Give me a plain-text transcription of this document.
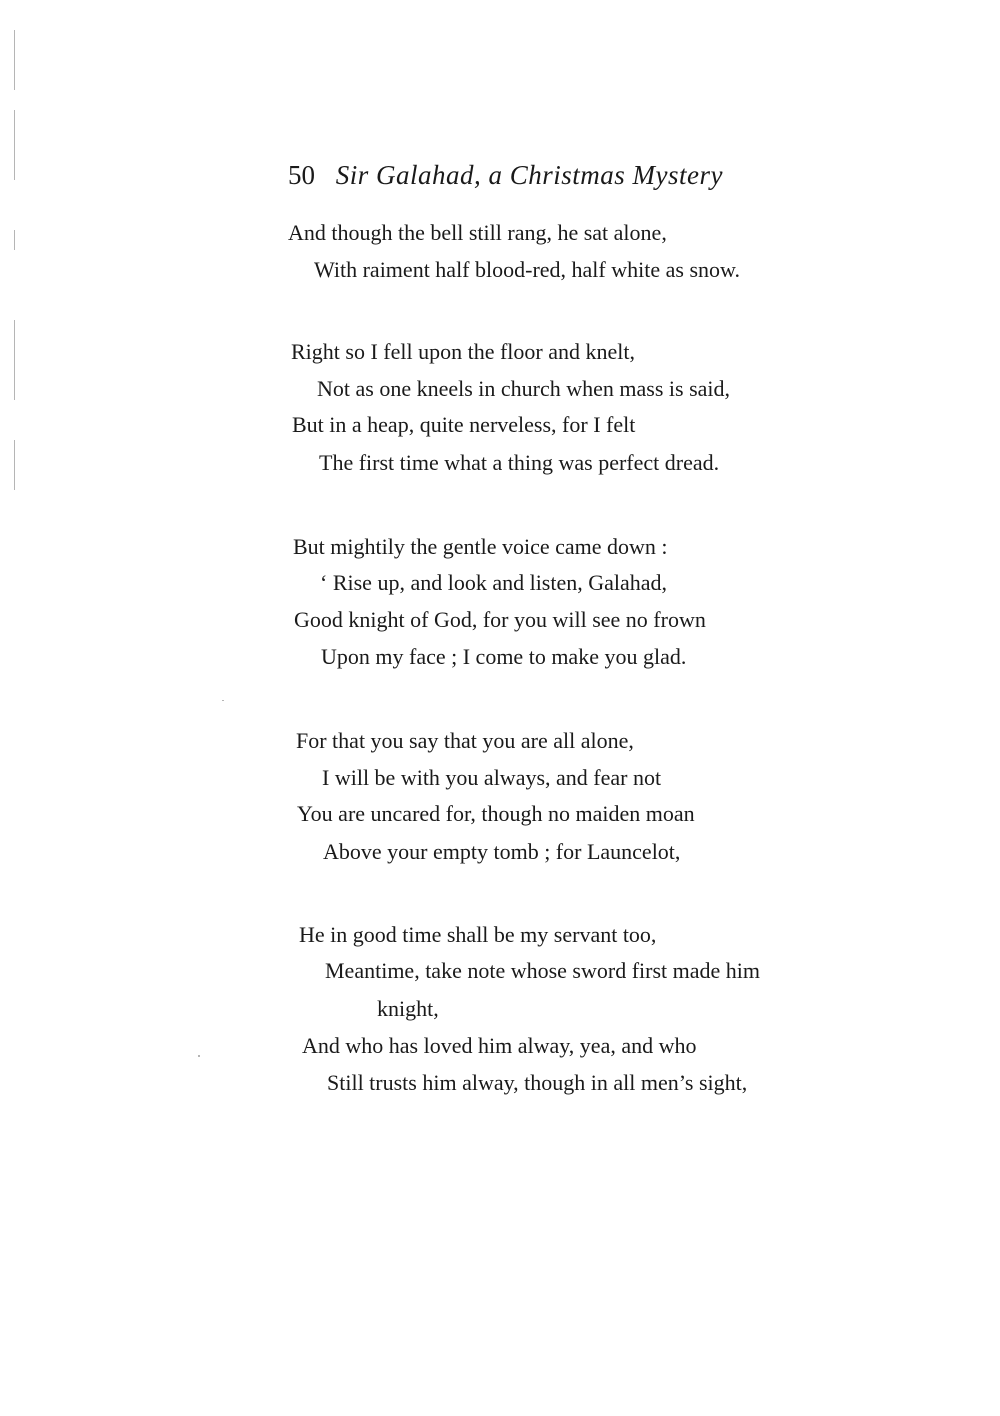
50 Sir Galahad, a Christmas Mystery
And though the bell still rang, he sat alone,
With raiment half blood-red, half white as snow.
Right so I fell upon the floor and knelt,
Not as one kneels in church when mass is said,
But in a heap, quite nerveless, for I felt
The first time what a thing was perfect dread.
But mightily the gentle voice came down :
‘ Rise up, and look and listen, Galahad,
Good knight of God, for you will see no frown
Upon my face ; I come to make you glad.
For that you say that you are all alone,
I will be with you always, and fear not
You are uncared for, though no maiden moan
Above your empty tomb ; for Launcelot,
He in good time shall be my servant too,
Meantime, take note whose sword first made him
knight,
And who has loved him alway, yea, and who
Still trusts him alway, though in all men’s sight,
